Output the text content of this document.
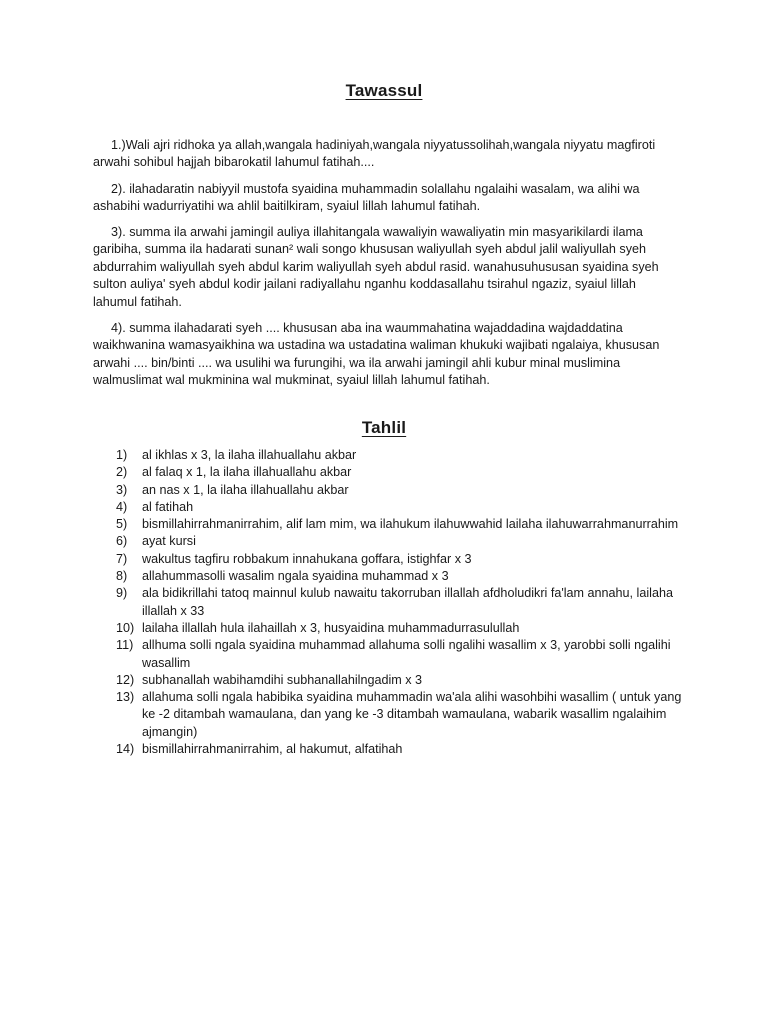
Tawassul

1.)Wali ajri ridhoka ya allah,wangala hadiniyah,wangala niyyatussolihah,wangala niyyatu magfiroti arwahi sohibul hajjah bibarokatil lahumul fatihah....

2). ilahadaratin nabiyyil mustofa syaidina muhammadin solallahu ngalaihi wasalam, wa alihi wa ashabihi wadurriyatihi wa ahlil baitilkiram, syaiul lillah lahumul fatihah.

3). summa ila arwahi jamingil auliya illahitangala wawaliyin wawaliyatin min masyarikilardi ilama garibiha, summa ila hadarati sunan² wali songo khususan waliyullah syeh abdul jalil waliyullah syeh abdurrahim waliyullah syeh abdul karim waliyullah syeh abdul rasid. wanahusuhususan syaidina syeh sulton auliya' syeh abdul kodir jailani radiyallahu nganhu koddasallahu tsirahul ngaziz, syaiul lillah lahumul fatihah.

4). summa ilahadarati syeh .... khususan aba ina waummahatina wajaddadina wajdaddatina waikhwanina wamasyaikhina wa ustadina wa ustadatina waliman khukuki wajibati ngalaiya, khususan arwahi .... bin/binti .... wa usulihi wa furungihi, wa ila arwahi jamingil ahli kubur minal muslimina walmuslimat wal mukminina wal mukminat, syaiul lillah lahumul fatihah.

Tahlil
1)	al ikhlas x 3, la ilaha illahuallahu akbar
2)	al falaq x 1, la ilaha illahuallahu akbar
3)	an nas x 1, la ilaha illahuallahu akbar
4)	al fatihah
5)	bismillahirrahmanirrahim, alif lam mim, wa ilahukum ilahuwwahid lailaha ilahuwarrahmanurrahim
6)	ayat kursi
7)	wakultus tagfiru robbakum innahukana goffara, istighfar x 3
8)	allahummasolli wasalim ngala syaidina muhammad x 3
9)	ala bidikrillahi tatoq mainnul kulub nawaitu takorruban illallah afdholudikri fa'lam annahu, lailaha illallah x 33
10) lailaha illallah hula ilahaillah x 3, husyaidina muhammadurrasulullah
11) allhuma solli ngala syaidina muhammad allahuma solli ngalihi wasallim x 3, yarobbi solli ngalihi wasallim
12) subhanallah wabihamdihi subhanallahilngadim x 3
13) allahuma solli ngala habibika syaidina muhammadin wa'ala alihi wasohbihi wasallim ( untuk yang ke -2 ditambah wamaulana, dan yang ke -3 ditambah wamaulana, wabarik wasallim ngalaihim ajmangin)
14) bismillahirrahmanirrahim, al hakumut, alfatihah
